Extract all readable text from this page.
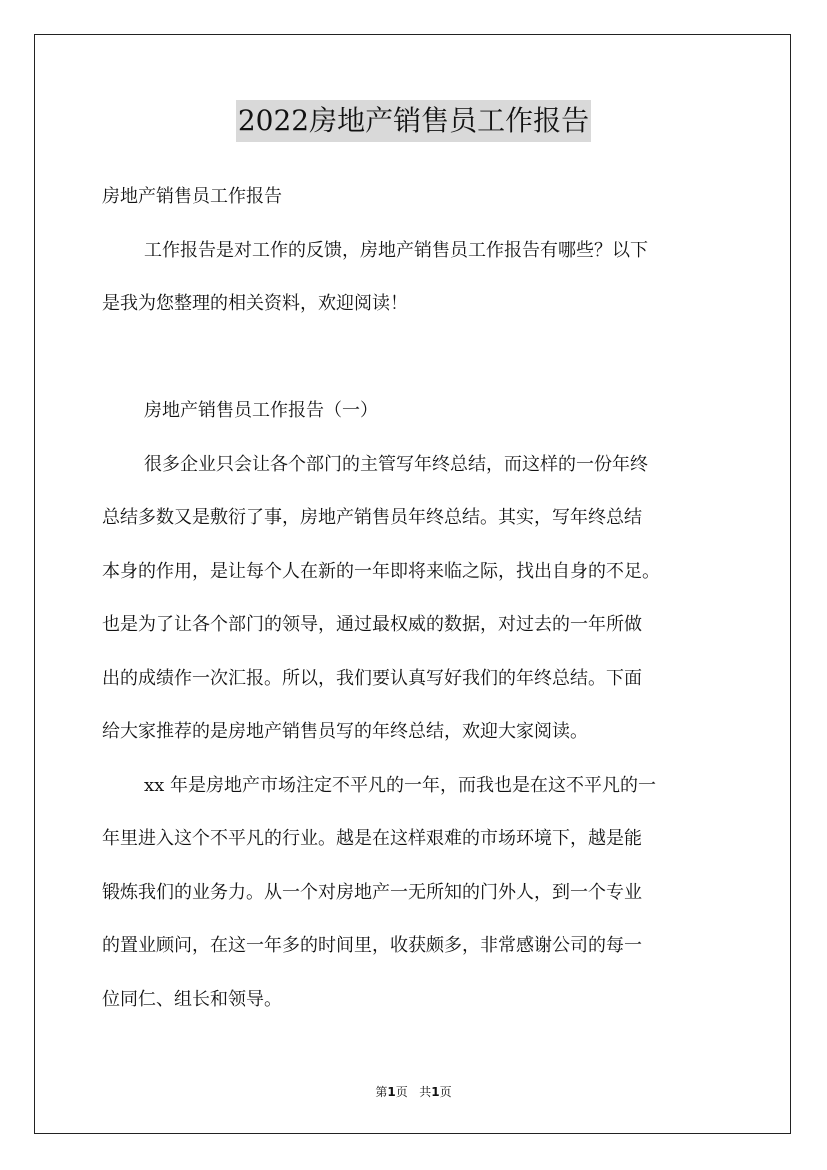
2022房地产销售员工作报告
房地产销售员工作报告
工作报告是对工作的反馈，房地产销售员工作报告有哪些？以下
是我为您整理的相关资料，欢迎阅读！
房地产销售员工作报告（一）
很多企业只会让各个部门的主管写年终总结，而这样的一份年终
总结多数又是敷衍了事，房地产销售员年终总结。其实，写年终总结
本身的作用，是让每个人在新的一年即将来临之际，找出自身的不足。
也是为了让各个部门的领导，通过最权威的数据，对过去的一年所做
出的成绩作一次汇报。所以，我们要认真写好我们的年终总结。下面
给大家推荐的是房地产销售员写的年终总结，欢迎大家阅读。
xx 年是房地产市场注定不平凡的一年，而我也是在这不平凡的一
年里进入这个不平凡的行业。越是在这样艰难的市场环境下，越是能
锻炼我们的业务力。从一个对房地产一无所知的门外人，到一个专业
的置业顾问，在这一年多的时间里，收获颇多，非常感谢公司的每一
位同仁、组长和领导。
第1页 共1页
